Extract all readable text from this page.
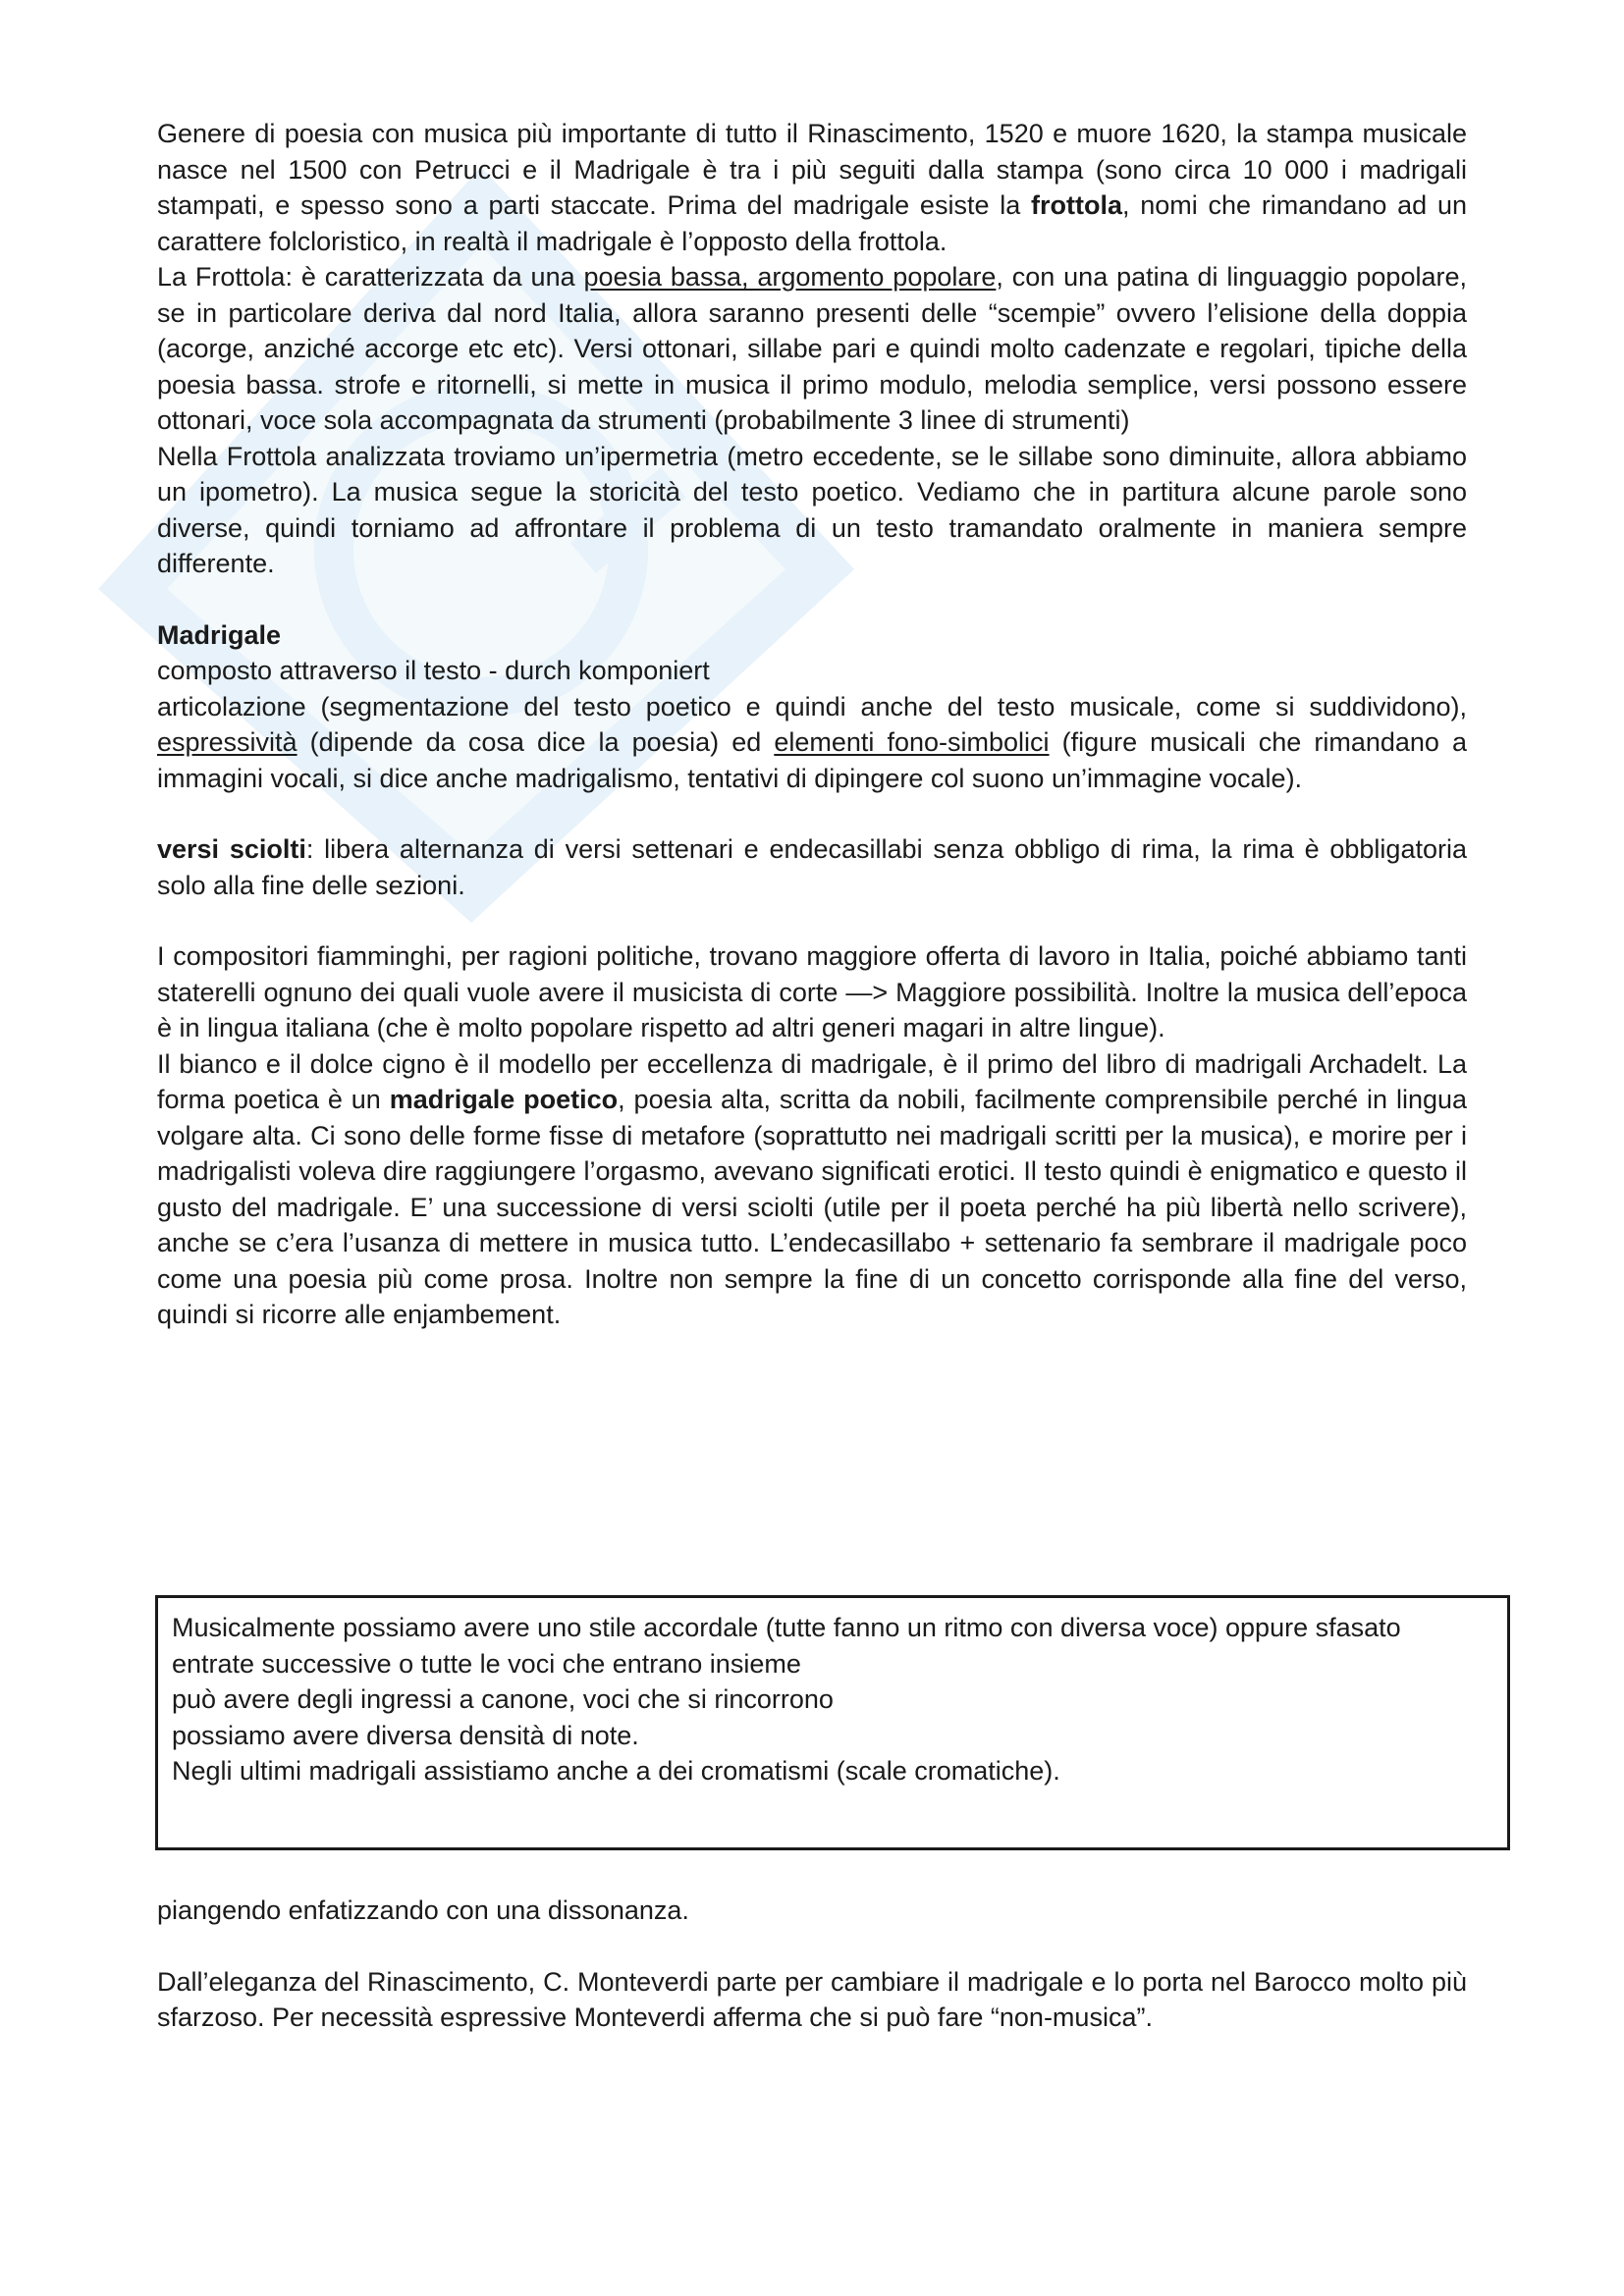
Genere di poesia con musica più importante di tutto il Rinascimento, 1520 e muore 1620, la stampa musicale nasce nel 1500 con Petrucci e il Madrigale è tra i più seguiti dalla stampa (sono circa 10 000 i madrigali stampati, e spesso sono a parti staccate. Prima del madrigale esiste la frottola, nomi che rimandano ad un carattere folcloristico, in realtà il madrigale è l’opposto della frottola.

La Frottola: è caratterizzata da una poesia bassa, argomento popolare, con una patina di linguaggio popolare, se in particolare deriva dal nord Italia, allora saranno presenti delle “scempie” ovvero l’elisione della doppia (acorge, anziché accorge etc etc). Versi ottonari, sillabe pari e quindi molto cadenzate e regolari, tipiche della poesia bassa. strofe e ritornelli, si mette in musica il primo modulo, melodia semplice, versi possono essere ottonari, voce sola accompagnata da strumenti (probabilmente 3 linee di strumenti)

Nella Frottola analizzata troviamo un’ipermetria (metro eccedente, se le sillabe sono diminuite, allora abbiamo un ipometro). La musica segue la storicità del testo poetico. Vediamo che in partitura alcune parole sono diverse, quindi torniamo ad affrontare il problema di un testo tramandato oralmente in maniera sempre differente.

Madrigale

composto attraverso il testo - durch komponiert

articolazione (segmentazione del testo poetico e quindi anche del testo musicale, come si suddividono), espressività (dipende da cosa dice la poesia) ed elementi fono-simbolici (figure musicali che rimandano a immagini vocali, si dice anche madrigalismo, tentativi di dipingere col suono un’immagine vocale).

versi sciolti: libera alternanza di versi settenari e endecasillabi senza obbligo di rima, la rima è obbligatoria solo alla fine delle sezioni.

I compositori fiamminghi, per ragioni politiche, trovano maggiore offerta di lavoro in Italia, poiché abbiamo tanti staterelli ognuno dei quali vuole avere il musicista di corte —> Maggiore possibilità. Inoltre la musica dell’epoca è in lingua italiana (che è molto popolare rispetto ad altri generi magari in altre lingue).

Il bianco e il dolce cigno è il modello per eccellenza di madrigale, è il primo del libro di madrigali Archadelt. La forma poetica è un madrigale poetico, poesia alta, scritta da nobili, facilmente comprensibile perché in lingua volgare alta. Ci sono delle forme fisse di metafore (soprattutto nei madrigali scritti per la musica), e morire per i madrigalisti voleva dire raggiungere l’orgasmo, avevano significati erotici. Il testo quindi è enigmatico e questo il gusto del madrigale. E’ una successione di versi sciolti (utile per il poeta perché ha più libertà nello scrivere), anche se c’era l’usanza di mettere in musica tutto. L’endecasillabo + settenario fa sembrare il madrigale poco come una poesia più come prosa. Inoltre non sempre la fine di un concetto corrisponde alla fine del verso, quindi si ricorre alle enjambement.

Musicalmente possiamo avere uno stile accordale (tutte fanno un ritmo con diversa voce) oppure sfasato

entrate successive o tutte le voci che entrano insieme

può avere degli ingressi a canone, voci che si rincorrono

possiamo avere diversa densità di note.

Negli ultimi madrigali assistiamo anche a dei cromatismi (scale cromatiche).

piangendo enfatizzando con una dissonanza.

Dall’eleganza del Rinascimento, C. Monteverdi parte per cambiare il madrigale e lo porta nel Barocco molto più sfarzoso. Per necessità espressive Monteverdi afferma che si può fare “non-musica”.
